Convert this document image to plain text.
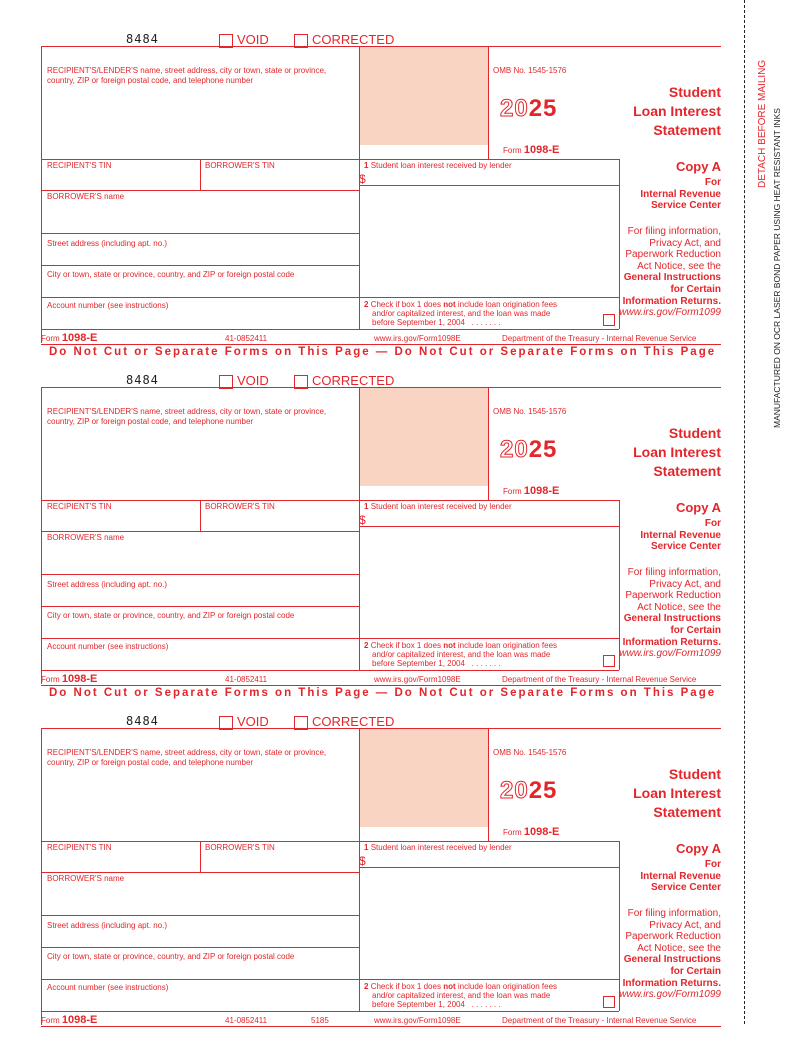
DETACH BEFORE MAILING MANUFACTURED ON OCR LASER BOND PAPER USING HEAT RESISTANT INKS
8484	VOID	CORRECTED
RECIPIENT'S/LENDER'S name, street address, city or town, state or province, country, ZIP or foreign postal code, and telephone number
OMB No. 1545-1576
2025
Form 1098-E
Student
Loan Interest
Statement
RECIPIENT'S TIN	BORROWER'S TIN	1 Student loan interest received by lender
$
Copy A
For
Internal Revenue
Service Center
For filing information,
Privacy Act, and
Paperwork Reduction
Act Notice, see the
General Instructions
for Certain
Information Returns.
www.irs.gov/Form1099
BORROWER'S name
Street address (including apt. no.)
City or town, state or province, country, and ZIP or foreign postal code
Account number (see instructions)	2 Check if box 1 does not include loan origination fees
and/or capitalized interest, and the loan was made
before September 1, 2004 . . . . . . .
Form 1098-E	41-0852411	www.irs.gov/Form1098E	Department of the Treasury - Internal Revenue Service
Do Not Cut or Separate Forms on This Page — Do Not Cut or Separate Forms on This Page
8484	VOID	CORRECTED
RECIPIENT'S/LENDER'S name, street address, city or town, state or province, country, ZIP or foreign postal code, and telephone number
OMB No. 1545-1576
2025
Form 1098-E
Student
Loan Interest
Statement
RECIPIENT'S TIN	BORROWER'S TIN	1 Student loan interest received by lender
$
Copy A
For
Internal Revenue
Service Center
For filing information,
Privacy Act, and
Paperwork Reduction
Act Notice, see the
General Instructions
for Certain
Information Returns.
www.irs.gov/Form1099
BORROWER'S name
Street address (including apt. no.)
City or town, state or province, country, and ZIP or foreign postal code
Account number (see instructions)	2 Check if box 1 does not include loan origination fees
and/or capitalized interest, and the loan was made
before September 1, 2004 . . . . . . .
Form 1098-E	41-0852411	www.irs.gov/Form1098E	Department of the Treasury - Internal Revenue Service
Do Not Cut or Separate Forms on This Page — Do Not Cut or Separate Forms on This Page
8484	VOID	CORRECTED
RECIPIENT'S/LENDER'S name, street address, city or town, state or province, country, ZIP or foreign postal code, and telephone number
OMB No. 1545-1576
2025
Form 1098-E
Student
Loan Interest
Statement
RECIPIENT'S TIN	BORROWER'S TIN	1 Student loan interest received by lender
$
Copy A
For
Internal Revenue
Service Center
For filing information,
Privacy Act, and
Paperwork Reduction
Act Notice, see the
General Instructions
for Certain
Information Returns.
www.irs.gov/Form1099
BORROWER'S name
Street address (including apt. no.)
City or town, state or province, country, and ZIP or foreign postal code
Account number (see instructions)	2 Check if box 1 does not include loan origination fees
and/or capitalized interest, and the loan was made
before September 1, 2004 . . . . . . .
Form 1098-E	41-0852411	5185	www.irs.gov/Form1098E	Department of the Treasury - Internal Revenue Service
